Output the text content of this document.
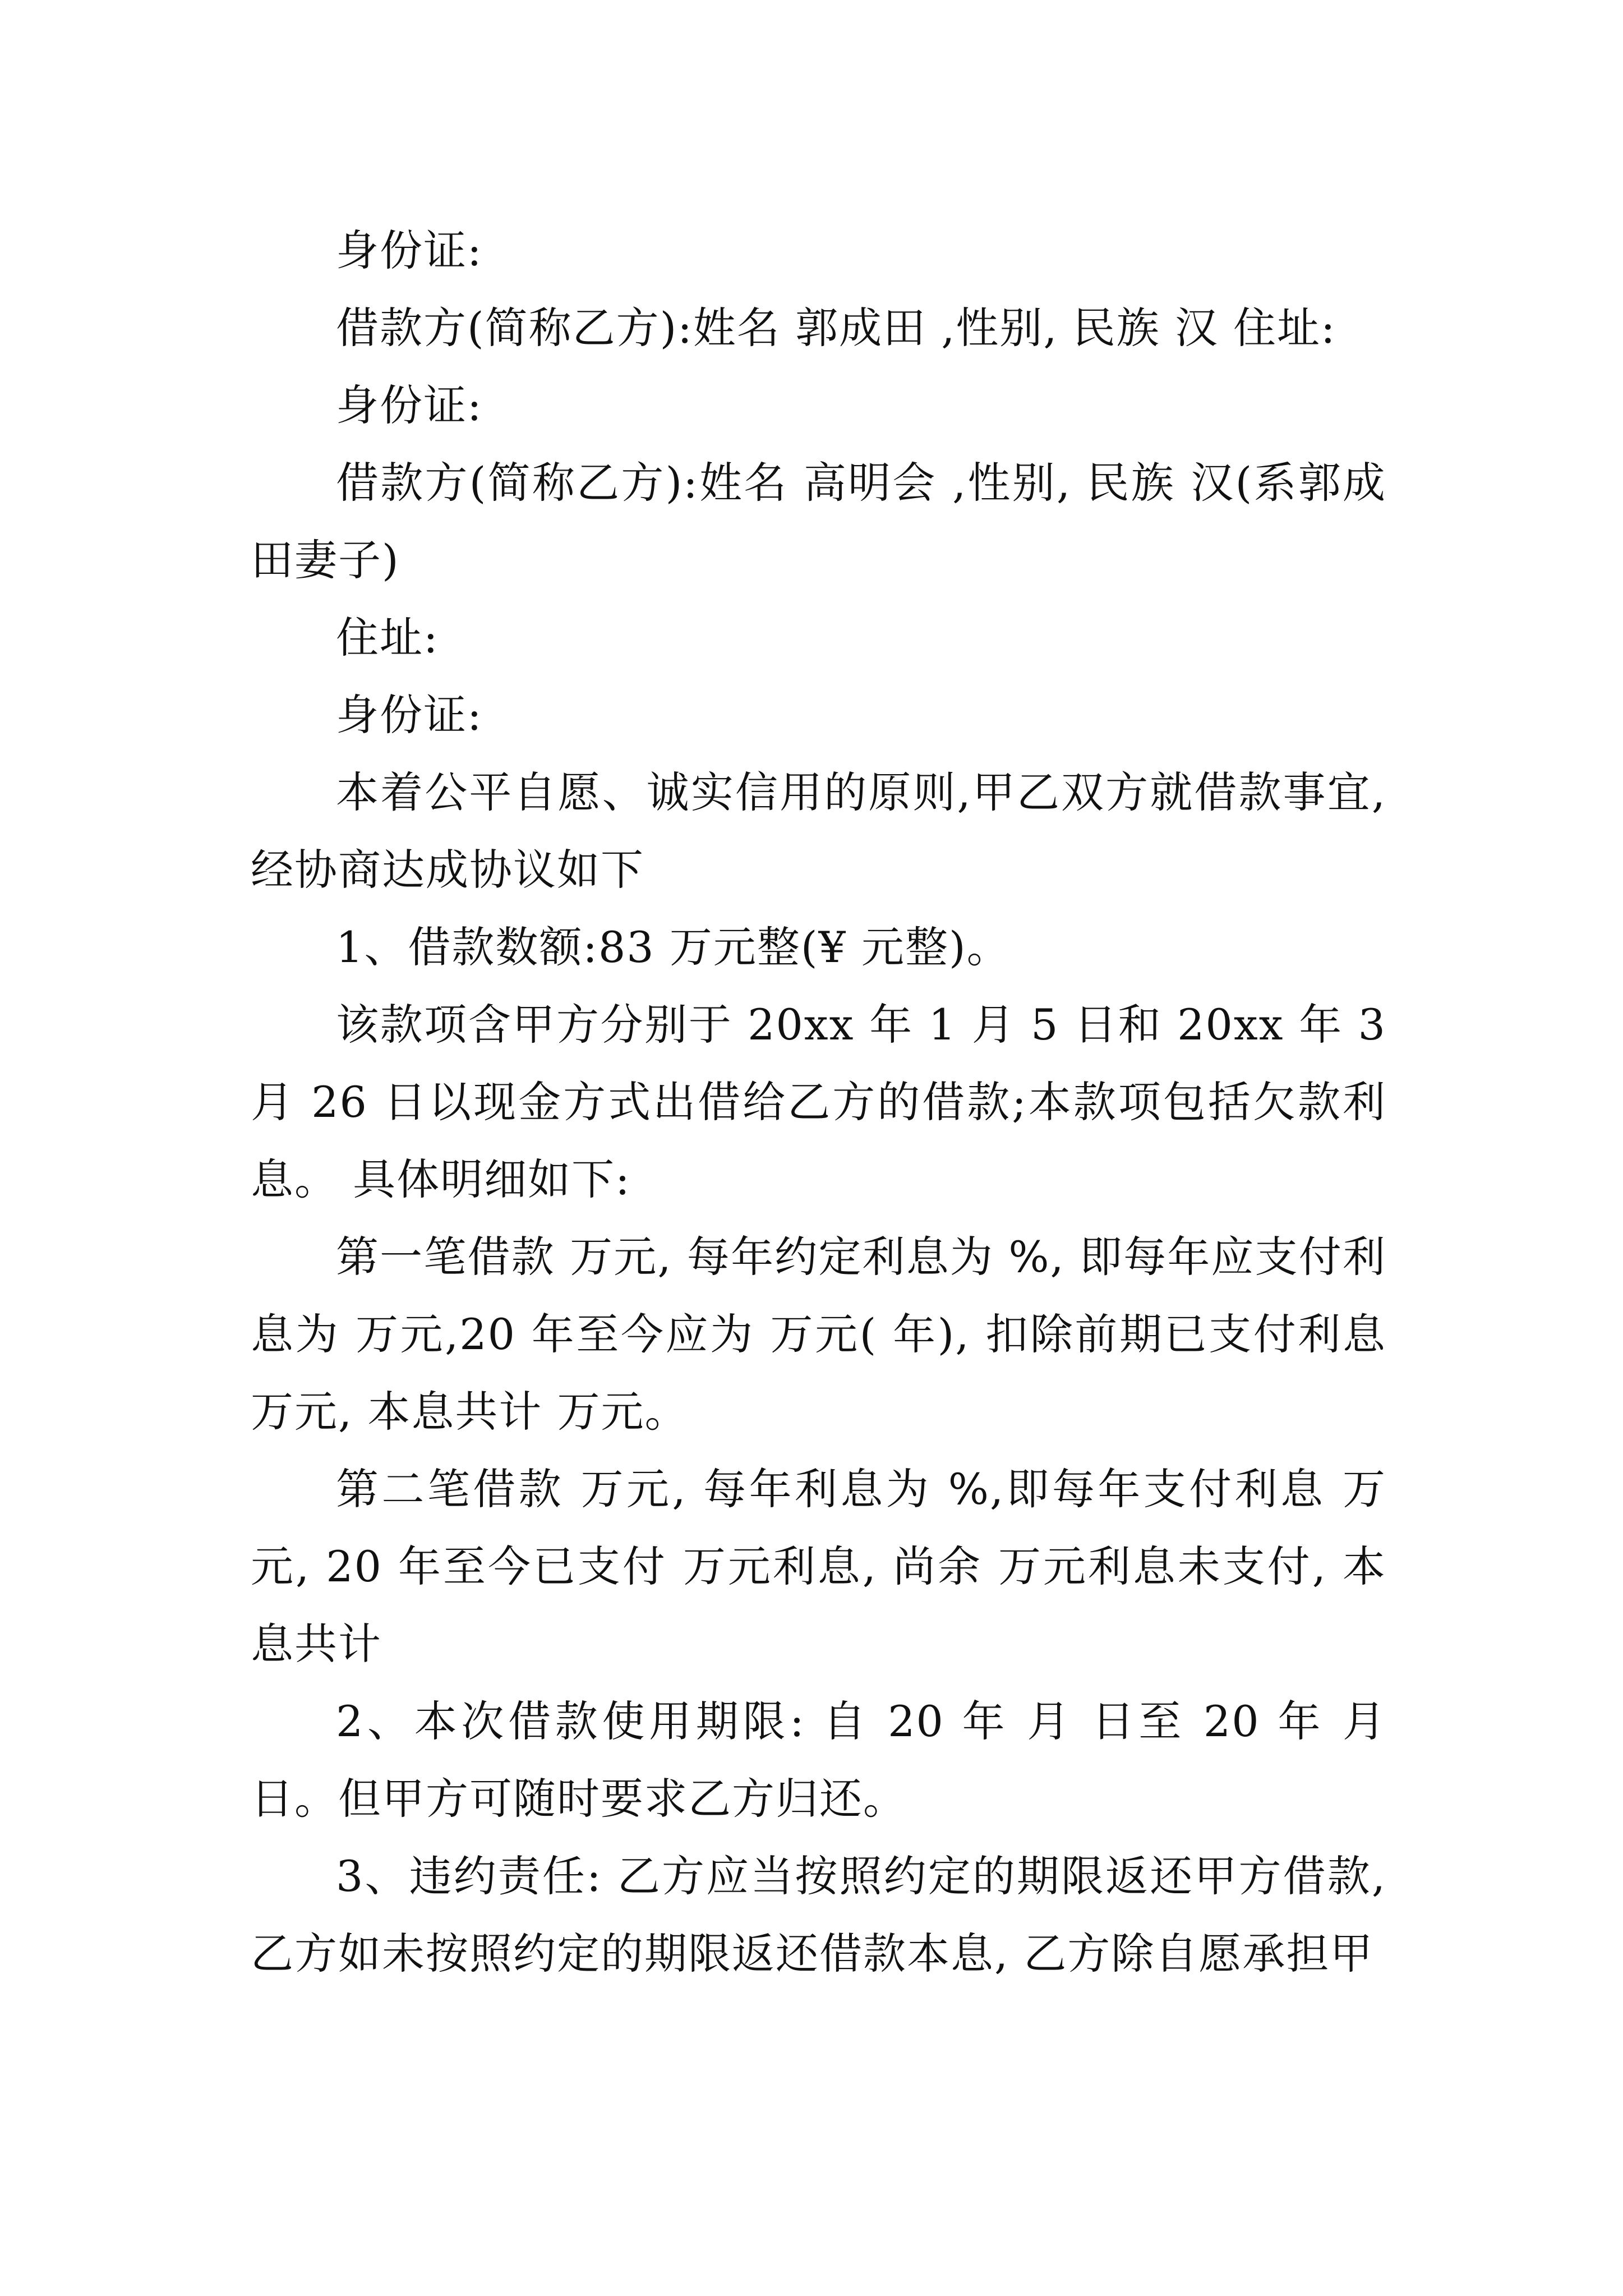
身份证:

借款方(简称乙方):姓名 郭成田 ,性别, 民族 汉 住址:

身份证:

借款方(简称乙方):姓名 高明会 ,性别, 民族 汉(系郭成田妻子)

住址:

身份证:

本着公平自愿、诚实信用的原则,甲乙双方就借款事宜,经协商达成协议如下

1、借款数额:83 万元整(¥ 元整)。

该款项含甲方分别于 20xx 年 1 月 5 日和 20xx 年 3 月 26 日以现金方式出借给乙方的借款;本款项包括欠款利息。 具体明细如下:

第一笔借款 万元, 每年约定利息为 %, 即每年应支付利息为 万元,20 年至今应为 万元( 年), 扣除前期已支付利息 万元, 本息共计 万元。

第二笔借款 万元, 每年利息为 %,即每年支付利息 万元, 20 年至今已支付 万元利息, 尚余 万元利息未支付, 本息共计

2、本次借款使用期限: 自 20 年 月 日至 20 年 月 日。但甲方可随时要求乙方归还。

3、违约责任: 乙方应当按照约定的期限返还甲方借款, 乙方如未按照约定的期限返还借款本息, 乙方除自愿承担甲
